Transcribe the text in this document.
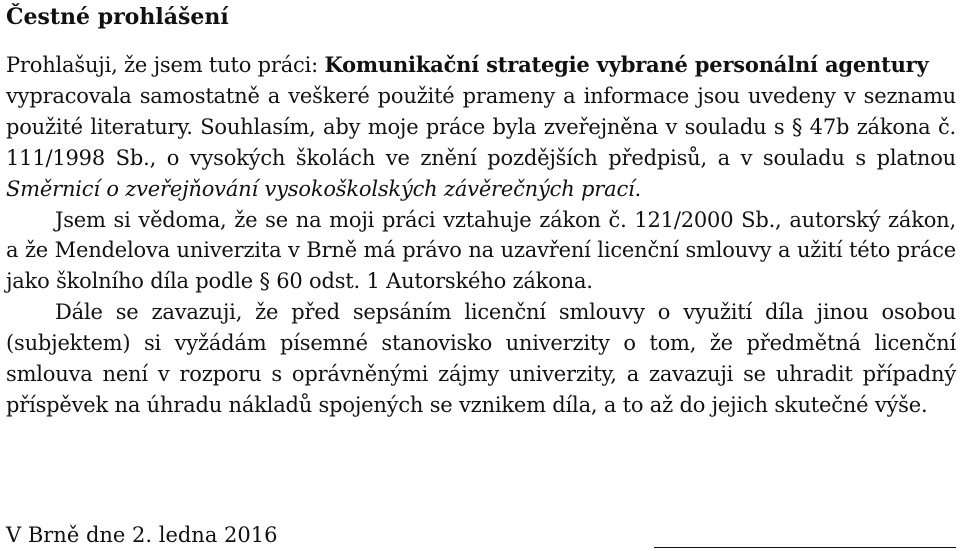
Čestné prohlášení

Prohlašuji, že jsem tuto práci: Komunikační strategie vybrané personální agentury

vypracovala samostatně a veškeré použité prameny a informace jsou uvedeny v seznamu použité literatury. Souhlasím, aby moje práce byla zveřejněna v souladu s § 47b zákona č. 111/1998 Sb., o vysokých školách ve znění pozdějších předpisů, a v souladu s platnou Směrnicí o zveřejňování vysokoškolských závěrečných prací.

Jsem si vědoma, že se na moji práci vztahuje zákon č. 121/2000 Sb., autorský zákon, a že Mendelova univerzita v Brně má právo na uzavření licenční smlouvy a užití této práce jako školního díla podle § 60 odst. 1 Autorského zákona.

Dále se zavazuji, že před sepsáním licenční smlouvy o využití díla jinou osobou (subjektem) si vyžádám písemné stanovisko univerzity o tom, že předmětná licenční smlouva není v rozporu s oprávněnými zájmy univerzity, a zavazuji se uhradit případný příspěvek na úhradu nákladů spojených se vznikem díla, a to až do jejich skutečné výše.

V Brně dne 2. ledna 2016
